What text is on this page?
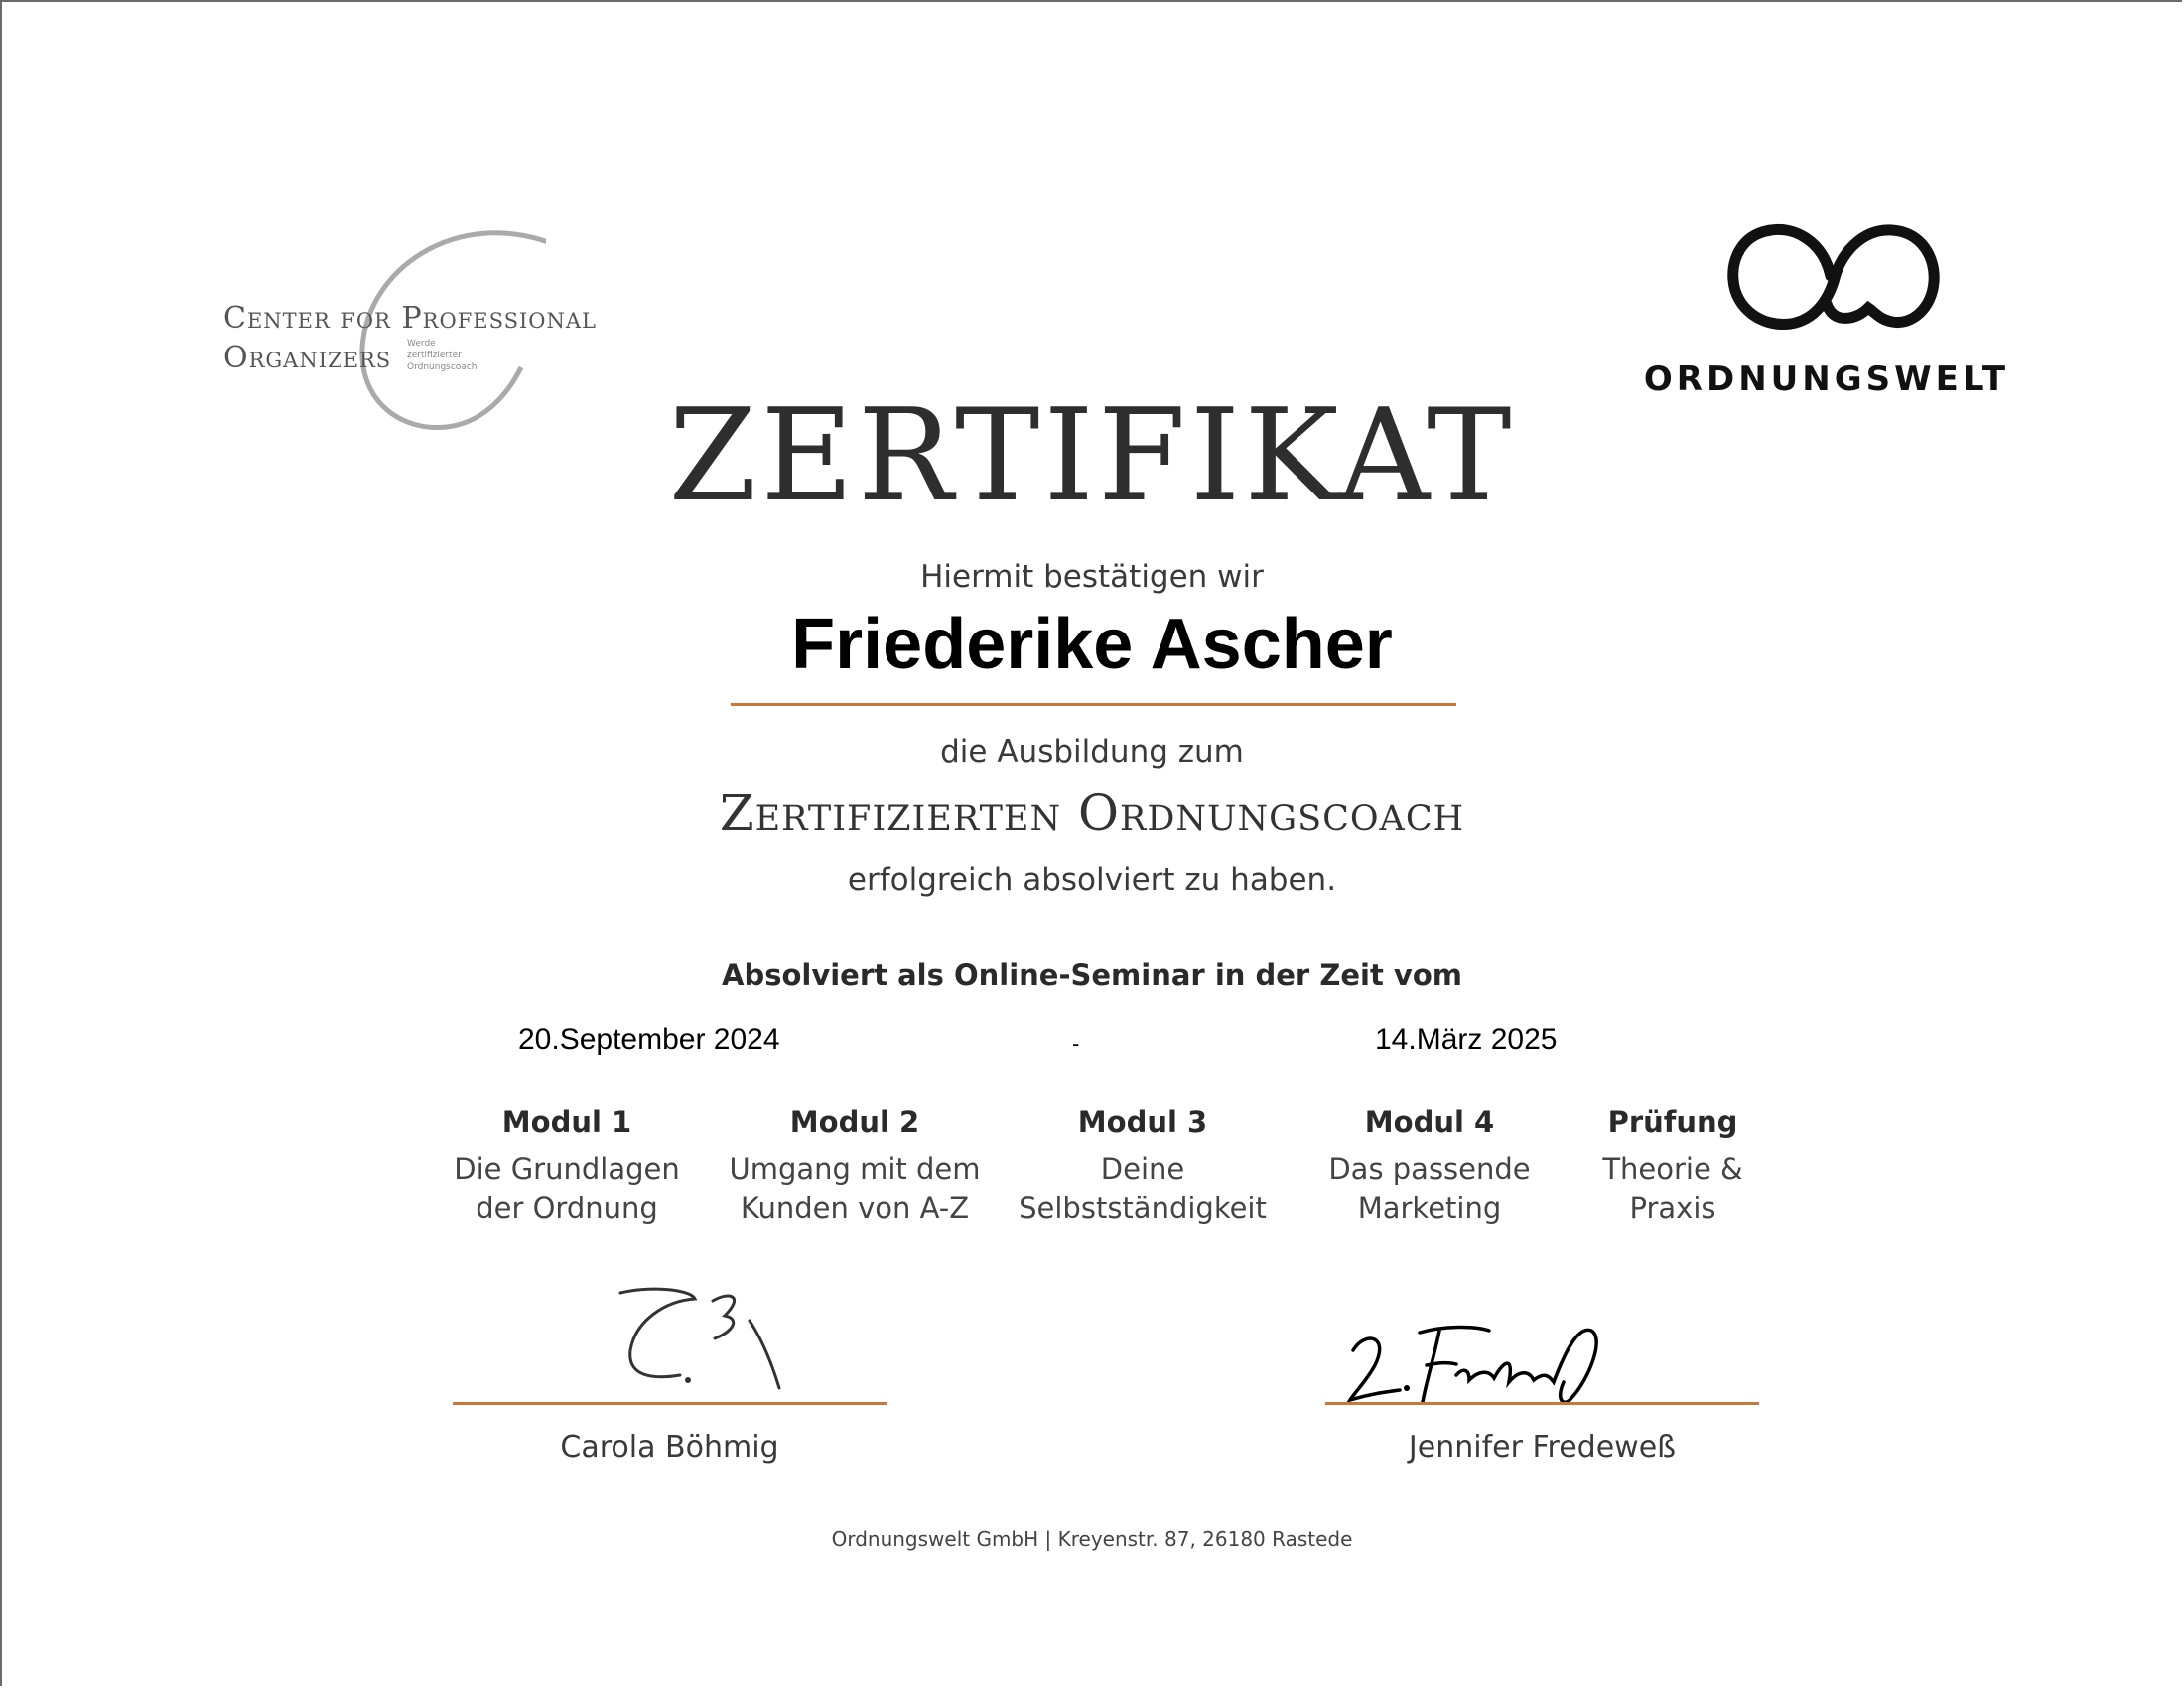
Center for Professional
Organizers Werde
zertifizierter
Ordnungscoach	ORDNUNGSWELT
ZERTIFIKAT
Hiermit bestätigen wir
Friederike Ascher
die Ausbildung zum
Zertifizierten Ordnungscoach
erfolgreich absolviert zu haben.
Absolviert als Online-Seminar in der Zeit vom
20.September 2024	-	14.März 2025
Modul 1
Die Grundlagen
der Ordnung
Modul 2
Umgang mit dem
Kunden von A-Z
Modul 3
Deine
Selbstständigkeit
Modul 4
Das passende
Marketing
Prüfung
Theorie &
Praxis
Carola Böhmig	Jennifer Fredeweß
Ordnungswelt GmbH | Kreyenstr. 87, 26180 Rastede
